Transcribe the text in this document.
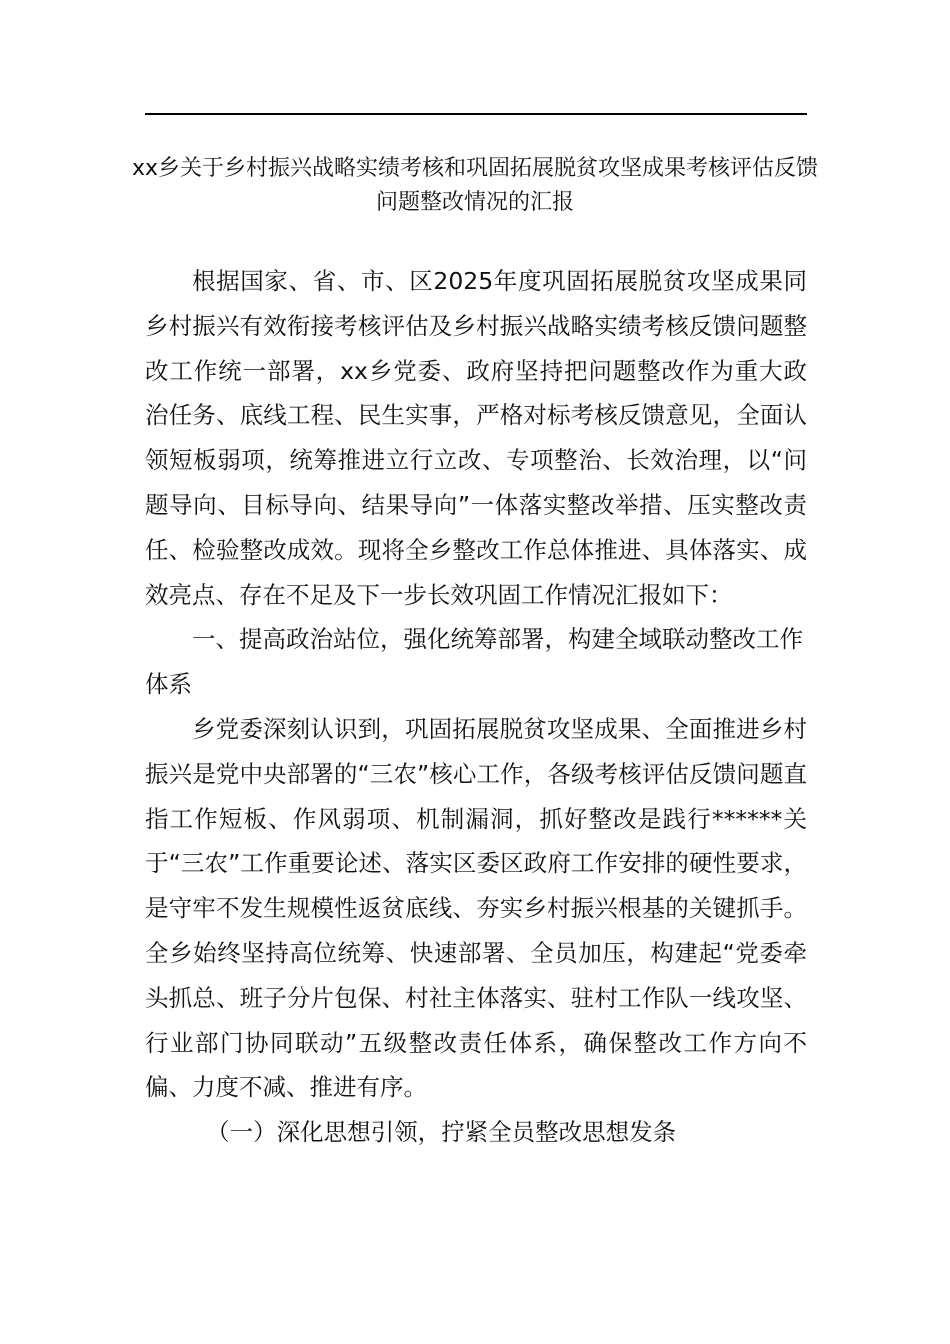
xx乡关于乡村振兴战略实绩考核和巩固拓展脱贫攻坚成果考核评估反馈问题整改情况的汇报

根据国家、省、市、区2025年度巩固拓展脱贫攻坚成果同乡村振兴有效衔接考核评估及乡村振兴战略实绩考核反馈问题整改工作统一部署，xx乡党委、政府坚持把问题整改作为重大政治任务、底线工程、民生实事，严格对标考核反馈意见，全面认领短板弱项，统筹推进立行立改、专项整治、长效治理，以“问题导向、目标导向、结果导向”一体落实整改举措、压实整改责任、检验整改成效。现将全乡整改工作总体推进、具体落实、成效亮点、存在不足及下一步长效巩固工作情况汇报如下：

一、提高政治站位，强化统筹部署，构建全域联动整改工作体系

乡党委深刻认识到，巩固拓展脱贫攻坚成果、全面推进乡村振兴是党中央部署的“三农”核心工作，各级考核评估反馈问题直指工作短板、作风弱项、机制漏洞，抓好整改是践行******关于“三农”工作重要论述、落实区委区政府工作安排的硬性要求，是守牢不发生规模性返贫底线、夯实乡村振兴根基的关键抓手。全乡始终坚持高位统筹、快速部署、全员加压，构建起“党委牵头抓总、班子分片包保、村社主体落实、驻村工作队一线攻坚、行业部门协同联动”五级整改责任体系，确保整改工作方向不偏、力度不减、推进有序。

（一）深化思想引领，拧紧全员整改思想发条
